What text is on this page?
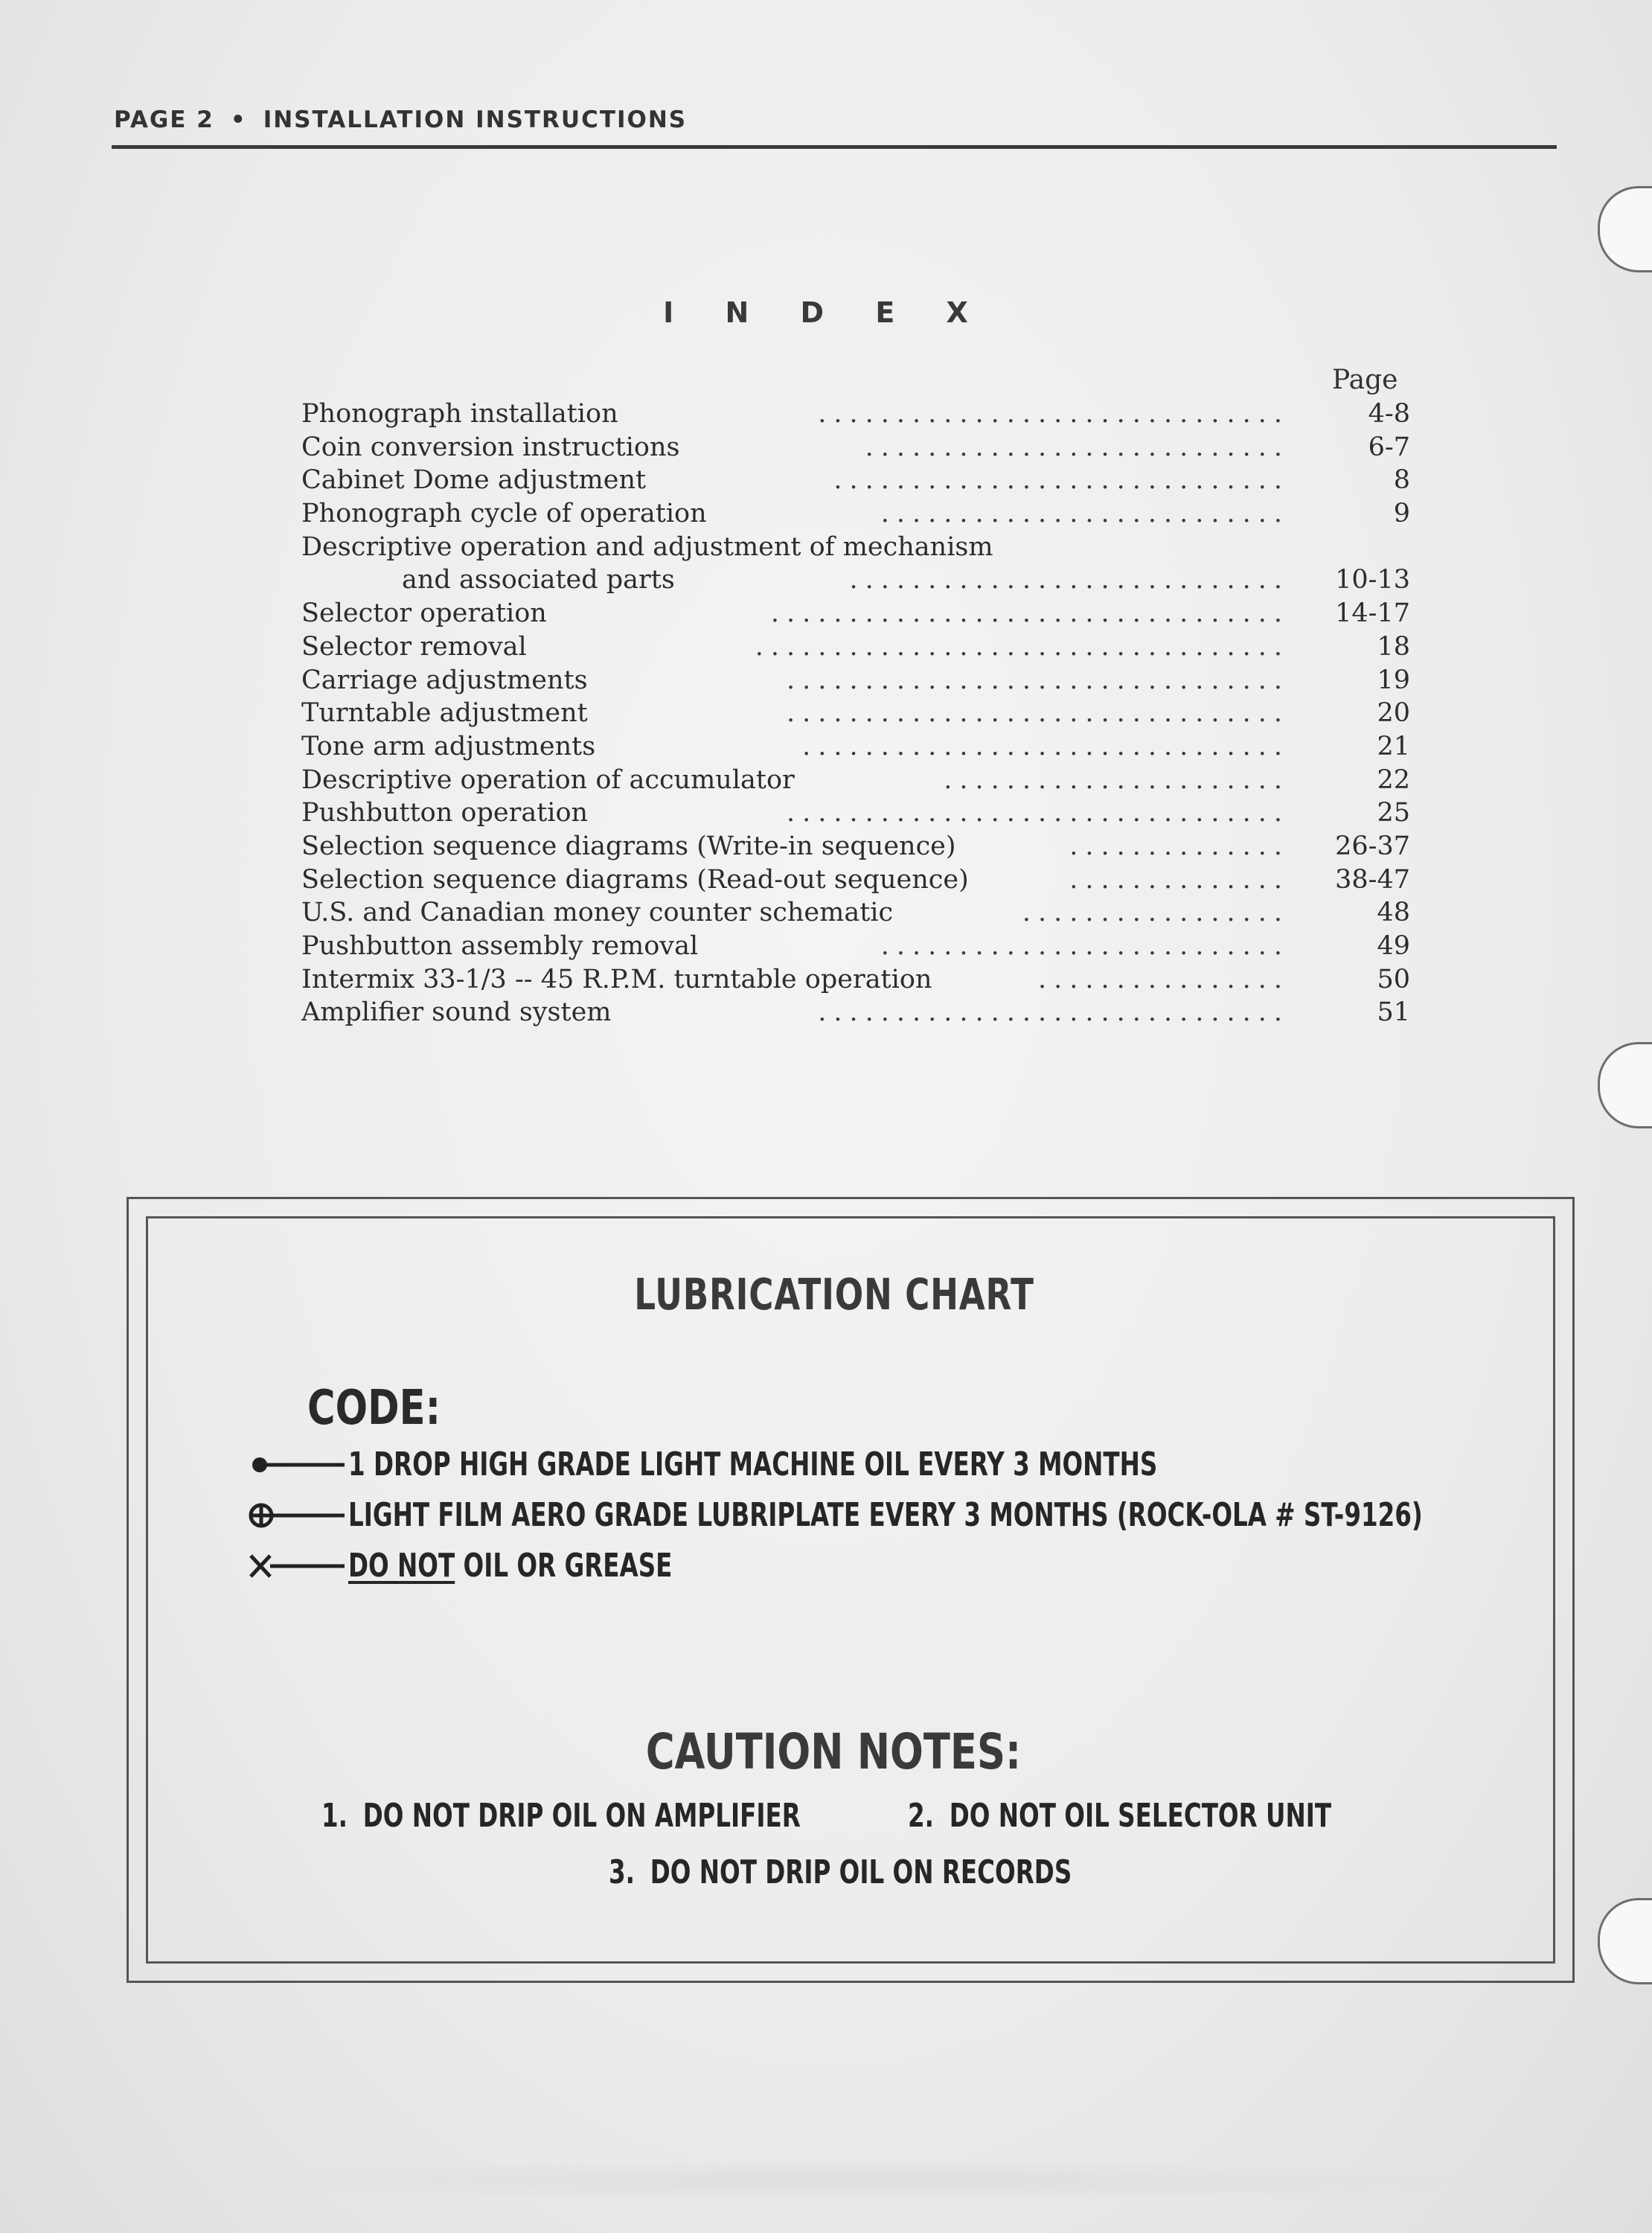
PAGE 2 • INSTALLATION INSTRUCTIONS
I N D E X
Page
Phonograph installation	..............................	4-8
Coin conversion instructions	...........................	6-7
Cabinet Dome adjustment	.............................	8
Phonograph cycle of operation	..........................	9
Descriptive operation and adjustment of mechanism
and associated parts	............................ 10-13
Selector operation	................................. 14-17
Selector removal	..................................	18
Carriage adjustments	................................	19
Turntable adjustment	................................	20
Tone arm adjustments	...............................	21
Descriptive operation of accumulator	......................	22
Pushbutton operation	................................	25
Selection sequence diagrams (Write-in sequence)	.............. 26-37
Selection sequence diagrams (Read-out sequence)	.............. 38-47
U.S. and Canadian money counter schematic	.................	48
Pushbutton assembly removal	..........................	49
Intermix 33-1/3 -- 45 R.P.M. turntable operation	................	50
Amplifier sound system	..............................	51
LUBRICATION CHART
CODE:
1 DROP HIGH GRADE LIGHT MACHINE OIL EVERY 3 MONTHS
LIGHT FILM AERO GRADE LUBRIPLATE EVERY 3 MONTHS (ROCK-OLA # ST-9126)
DO NOT OIL OR GREASE
CAUTION NOTES:
1. DO NOT DRIP OIL ON AMPLIFIER	2. DO NOT OIL SELECTOR UNIT
3. DO NOT DRIP OIL ON RECORDS
